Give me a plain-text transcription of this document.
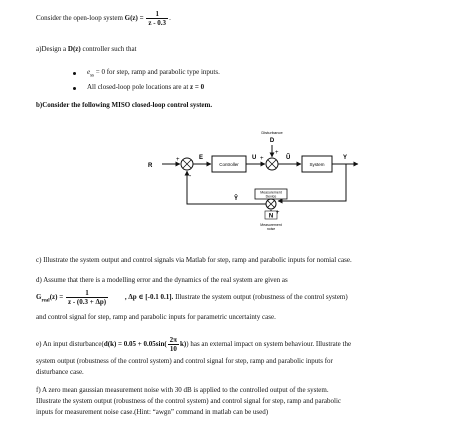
Consider the open-loop system $G(z) = \frac{1}{z - 0.3}$ .
a)Design a D(z) controller such that
$e_{ss} = 0$ for step, ramp and parabolic type inputs.
All closed-loop pole locations are at z = 0
b)Consider the following MISO closed-loop control system.
R
+
-
E
Controller
U +
Disturbance
D
+
Ũ
System
Y
Measurement
Device
N
+
Measurement
noise
Ŷ
c) Illustrate the system output and control signals via Matlab for step, ramp and parabolic inputs for nomial case.
d) Assume that there is a modelling error and the dynamics of the real system are given as
$G_{real}(z) = \frac{1}{z - (0.3 + \Delta p)}$ , Δp ∈ [-0.1 0.1]. Illustrate the system output (robustness of the control system)
and control signal for step, ramp and parabolic inputs for parametric uncertainty case.
e) An input disturbance(d(k) = $0.05 + 0.05\sin( \frac{2\pi}{10} k)$) has an external impact on system behaviour. Illustrate the
system output (robustness of the control system) and control signal for step, ramp and parabolic inputs for
disturbance case.
f) A zero mean gaussian measurement noise with 30 dB is applied to the controlled output of the system.
Illustrate the system output (robustness of the control system) and control signal for step, ramp and parabolic
inputs for measurement noise case.(Hint: “awgn” command in matlab can be used)
